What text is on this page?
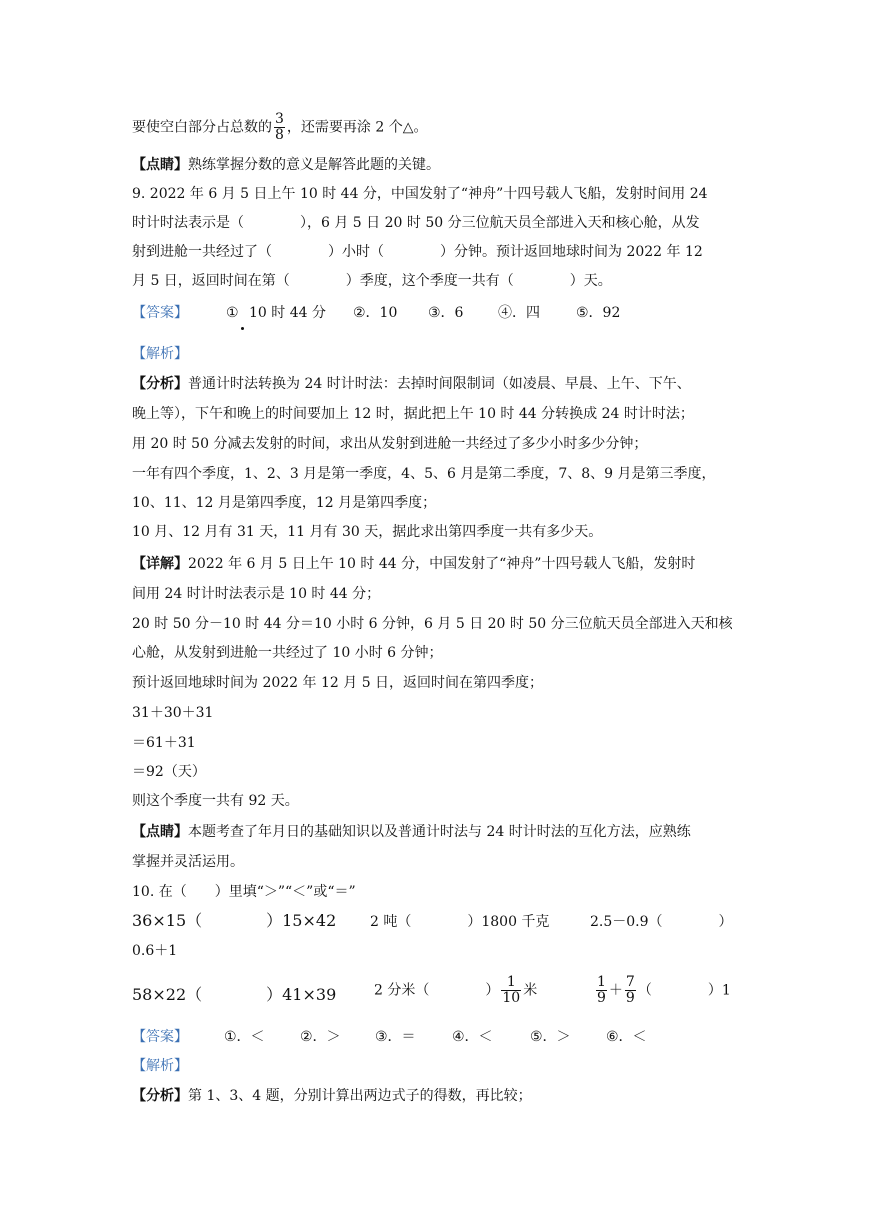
要使空白部分占总数的 $\frac{3}{8}$ ，还需要再涂 2 个△。
【点睛】熟练掌握分数的意义是解答此题的关键。
9. 2022 年 6 月 5 日上午 10 时 44 分，中国发射了“神舟”十四号载人飞船，发射时间用 24
时计时法表示是（　　　　），6 月 5 日 20 时 50 分三位航天员全部进入天和核心舱，从发
射到进舱一共经过了（　　　　）小时（　　　　）分钟。预计返回地球时间为 2022 年 12
月 5 日，返回时间在第（　　　　）季度，这个季度一共有（　　　　）天。
【答案】	① 10 时 44 分 ②．10 ③．6 ④．四	⑤．92
【解析】
【分析】普通计时法转换为 24 时计时法：去掉时间限制词（如凌晨、早晨、上午、下午、
晚上等），下午和晚上的时间要加上 12 时，据此把上午 10 时 44 分转换成 24 时计时法；
用 20 时 50 分减去发射的时间，求出从发射到进舱一共经过了多少小时多少分钟；
一年有四个季度，1、2、3 月是第一季度，4、5、6 月是第二季度，7、8、9 月是第三季度，
10、11、12 月是第四季度，12 月是第四季度；
10 月、12 月有 31 天，11 月有 30 天，据此求出第四季度一共有多少天。
【详解】2022 年 6 月 5 日上午 10 时 44 分，中国发射了“神舟”十四号载人飞船，发射时
间用 24 时计时法表示是 10 时 44 分；
20 时 50 分－10 时 44 分＝10 小时 6 分钟，6 月 5 日 20 时 50 分三位航天员全部进入天和核
心舱，从发射到进舱一共经过了 10 小时 6 分钟；
预计返回地球时间为 2022 年 12 月 5 日，返回时间在第四季度；
31＋30＋31
＝61＋31
＝92（天）
则这个季度一共有 92 天。
【点睛】本题考查了年月日的基础知识以及普通计时法与 24 时计时法的互化方法，应熟练
掌握并灵活运用。
10. 在（　　）里填“＞”“＜”或“＝”
36×15（　　　　）15×42 2 吨（　　　　）1800 千克	2.5－0.9（　　　　）
0.6＋1
58×22（　　　　）41×39	2 分米（　　　　） $\frac{1}{10}$ 米	$\frac{1}{9} + \frac{7}{9}$ （　　　　）1
【答案】	①．＜	②．＞ ③．＝	④．＜	⑤．＞	⑥．＜
【解析】
【分析】第 1、3、4 题，分别计算出两边式子的得数，再比较；
